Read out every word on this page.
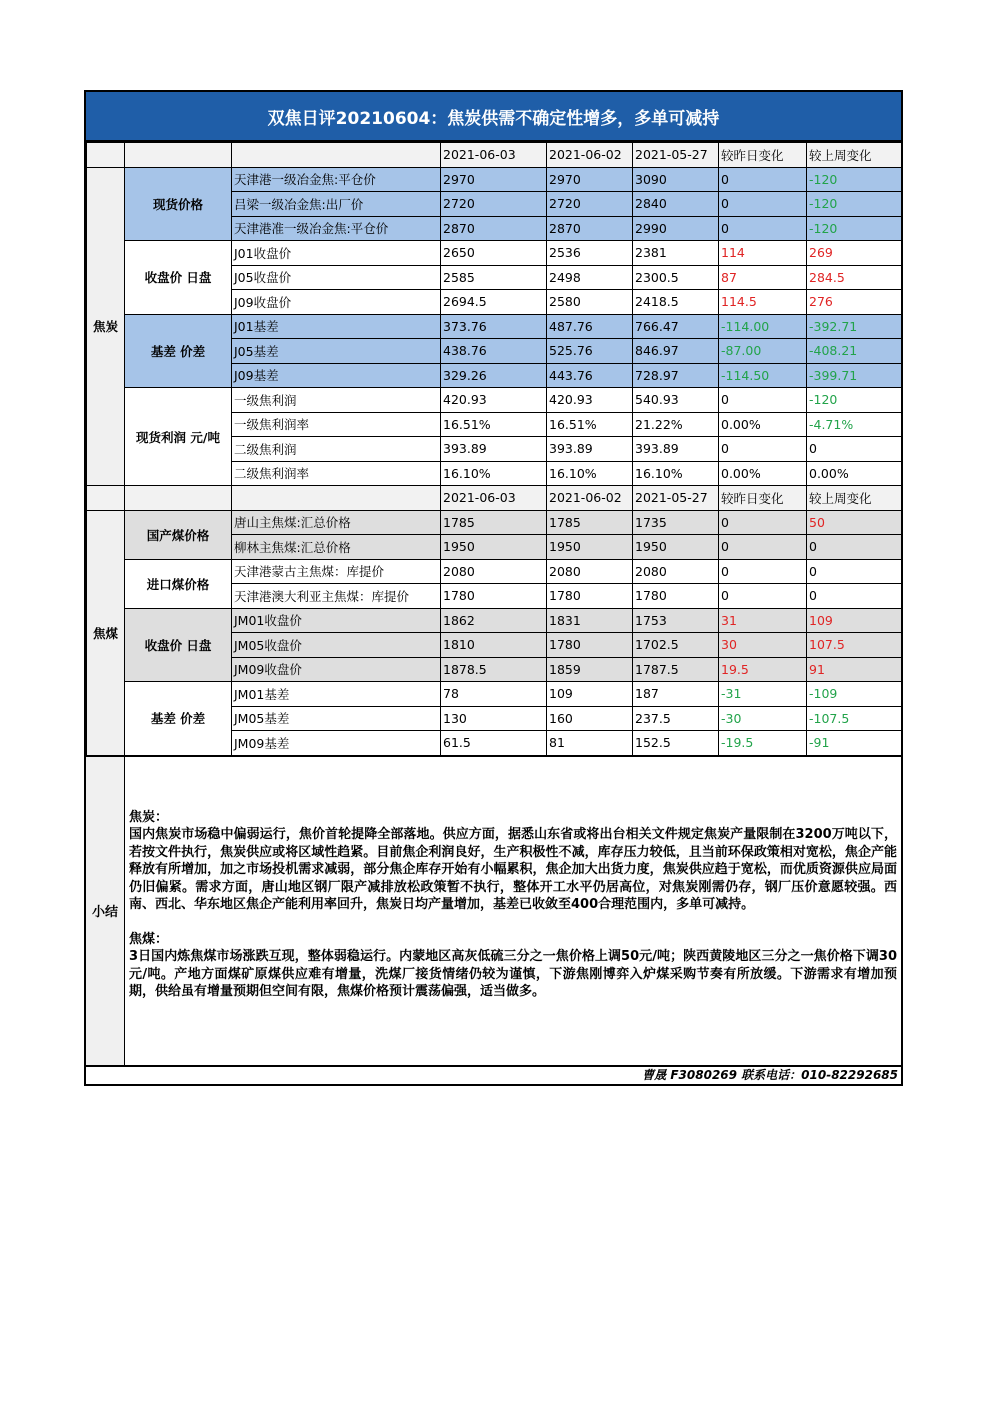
双焦日评20210604：焦炭供需不确定性增多，多单可减持
			2021-06-03	2021-06-02	2021-05-27	较昨日变化	较上周变化
焦炭	现货价格	天津港一级冶金焦:平仓价	2970	2970	3090	0	-120
		吕梁一级冶金焦:出厂价	2720	2720	2840	0	-120
		天津港准一级冶金焦:平仓价	2870	2870	2990	0	-120
	收盘价 日盘	J01收盘价	2650	2536	2381	114	269
		J05收盘价	2585	2498	2300.5	87	284.5
		J09收盘价	2694.5	2580	2418.5	114.5	276
	基差 价差	J01基差	373.76	487.76	766.47	-114.00	-392.71
		J05基差	438.76	525.76	846.97	-87.00	-408.21
		J09基差	329.26	443.76	728.97	-114.50	-399.71
	现货利润 元/吨	一级焦利润	420.93	420.93	540.93	0	-120
		一级焦利润率	16.51%	16.51%	21.22%	0.00%	-4.71%
		二级焦利润	393.89	393.89	393.89	0	0
		二级焦利润率	16.10%	16.10%	16.10%	0.00%	0.00%
			2021-06-03	2021-06-02	2021-05-27	较昨日变化	较上周变化
焦煤	国产煤价格	唐山主焦煤:汇总价格	1785	1785	1735	0	50
		柳林主焦煤:汇总价格	1950	1950	1950	0	0
	进口煤价格	天津港蒙古主焦煤：库提价	2080	2080	2080	0	0
		天津港澳大利亚主焦煤：库提价	1780	1780	1780	0	0
	收盘价 日盘	JM01收盘价	1862	1831	1753	31	109
		JM05收盘价	1810	1780	1702.5	30	107.5
		JM09收盘价	1878.5	1859	1787.5	19.5	91
	基差 价差	JM01基差	78	109	187	-31	-109
		JM05基差	130	160	237.5	-30	-107.5
		JM09基差	61.5	81	152.5	-19.5	-91
小结

焦炭：

国内焦炭市场稳中偏弱运行，焦价首轮提降全部落地。供应方面，据悉山东省或将出台相关文件规定焦炭产量限制在3200万吨以下，若按文件执行，焦炭供应或将区域性趋紧。目前焦企利润良好，生产积极性不减，库存压力较低，且当前环保政策相对宽松，焦企产能释放有所增加，加之市场投机需求减弱，部分焦企库存开始有小幅累积，焦企加大出货力度，焦炭供应趋于宽松，而优质资源供应局面仍旧偏紧。需求方面，唐山地区钢厂限产减排放松政策暂不执行，整体开工水平仍居高位，对焦炭刚需仍存，钢厂压价意愿较强。西南、西北、华东地区焦企产能利用率回升，焦炭日均产量增加，基差已收敛至400合理范围内，多单可减持。

焦煤：

3日国内炼焦煤市场涨跌互现，整体弱稳运行。内蒙地区高灰低硫三分之一焦价格上调50元/吨；陕西黄陵地区三分之一焦价格下调30元/吨。产地方面煤矿原煤供应难有增量，洗煤厂接货情绪仍较为谨慎，下游焦刚博弈入炉煤采购节奏有所放缓。下游需求有增加预期，供给虽有增量预期但空间有限，焦煤价格预计震荡偏强，适当做多。

曹晟 F3080269 联系电话：010-82292685
